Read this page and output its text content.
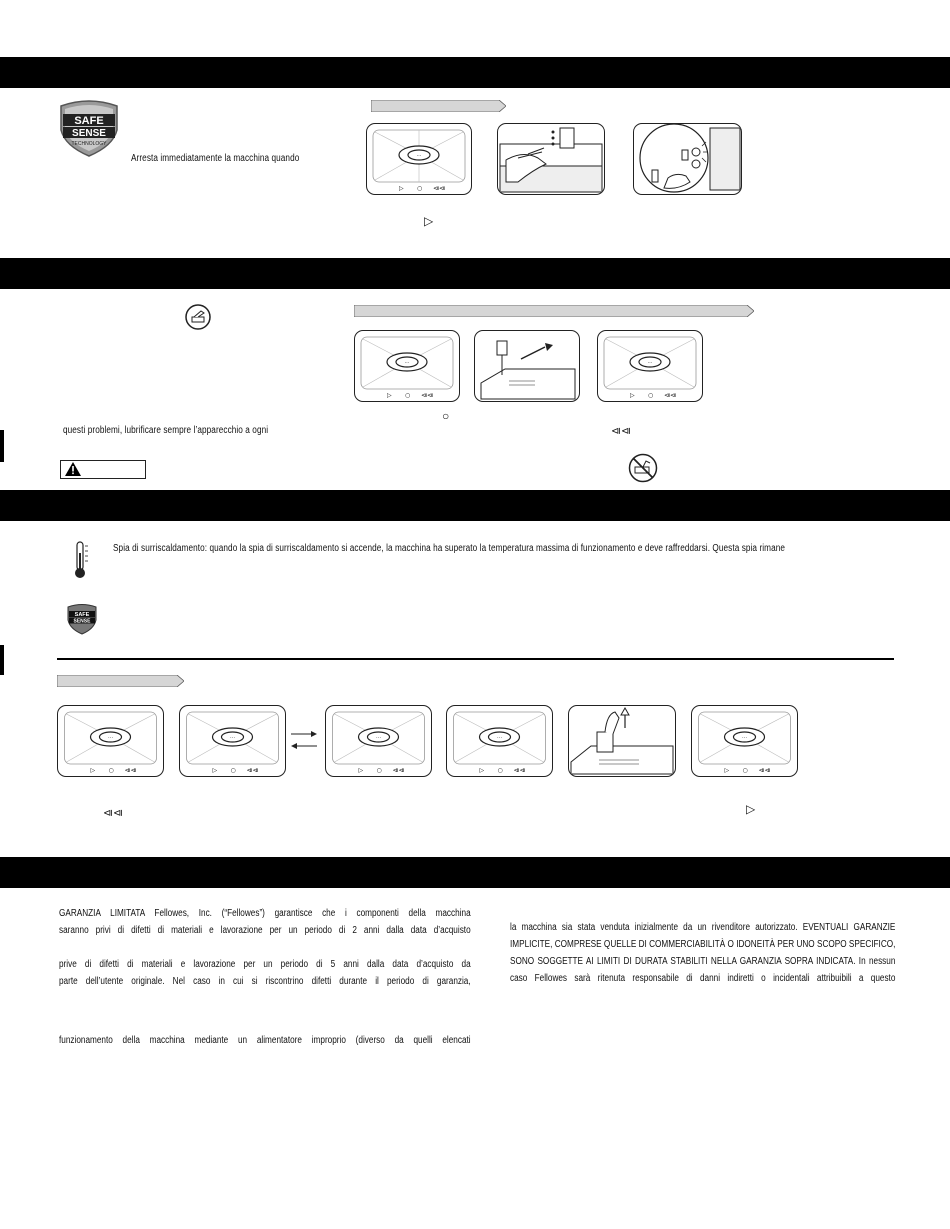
SAFE
SENSE
TECHNOLOGY
Arresta immediatamente la macchina quando	···
▷ ○ ⧏⧏
▷
···
▷ ○ ⧏⧏
···
▷ ○ ⧏⧏
○
⧏⧏
questi problemi, lubrificare sempre l’apparecchio a ogni
Spia di surriscaldamento: quando la spia di surriscaldamento si accende, la macchina ha superato la temperatura massima di funzionamento e deve raffreddarsi. Questa spia rimane
SAFE
SENSE
···
▷ ○ ⧏⧏
···
▷ ○ ⧏⧏
···
▷ ○ ⧏⧏
···
▷ ○ ⧏⧏
···
▷ ○ ⧏⧏
⧏⧏	▷

GARANZIA LIMITATA Fellowes, Inc. (“Fellowes”) garantisce che i componenti della macchina

saranno privi di difetti di materiali e lavorazione per un periodo di 2 anni dalla data d’acquisto

prive di difetti di materiali e lavorazione per un periodo di 5 anni dalla data d’acquisto da

parte dell’utente originale. Nel caso in cui si riscontrino difetti durante il periodo di garanzia,

funzionamento della macchina mediante un alimentatore improprio (diverso da quelli elencati

la macchina sia stata venduta inizialmente da un rivenditore autorizzato. EVENTUALI GARANZIE

IMPLICITE, COMPRESE QUELLE DI COMMERCIABILITÀ O IDONEITÀ PER UNO SCOPO SPECIFICO,

SONO SOGGETTE AI LIMITI DI DURATA STABILITI NELLA GARANZIA SOPRA INDICATA. In nessun

caso Fellowes sarà ritenuta responsabile di danni indiretti o incidentali attribuibili a questo
